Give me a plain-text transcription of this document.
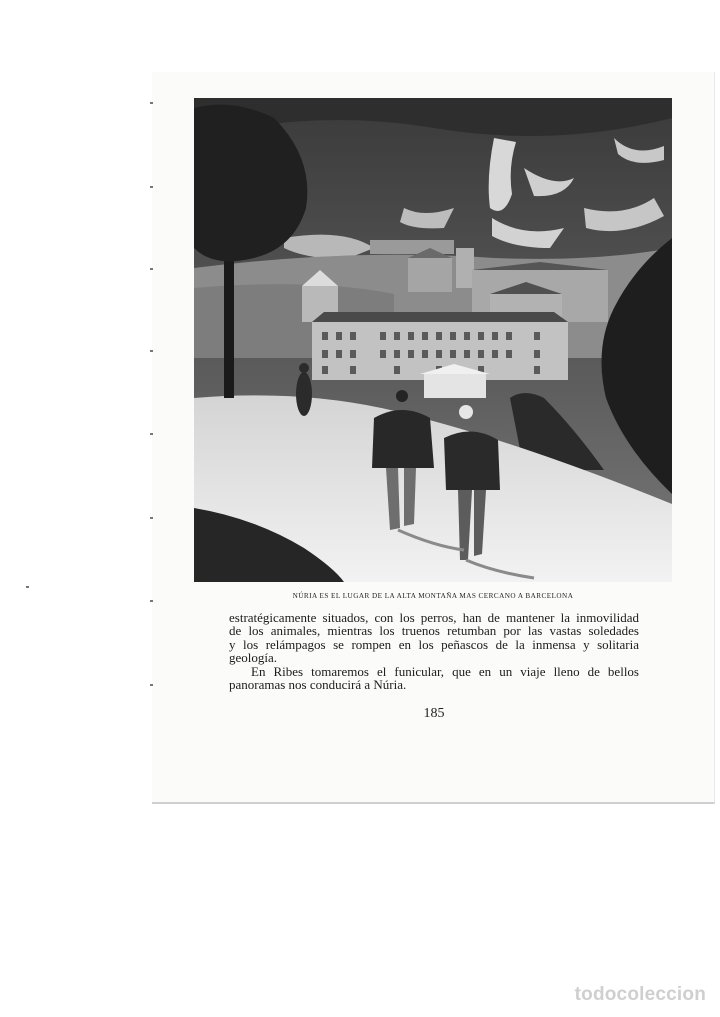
NÚRIA ES EL LUGAR DE LA ALTA MONTAÑA MAS CERCANO A BARCELONA
estratégicamente situados, con los perros, han de mantener la inmovilidad
de los animales, mientras los truenos retumban por las vastas soledades
y los relámpagos se rompen en los peñascos de la inmensa y solitaria
geología.
En Ribes tomaremos el funicular, que en un viaje lleno de bellos
panoramas nos conducirá a Núria.
185
todocoleccion
